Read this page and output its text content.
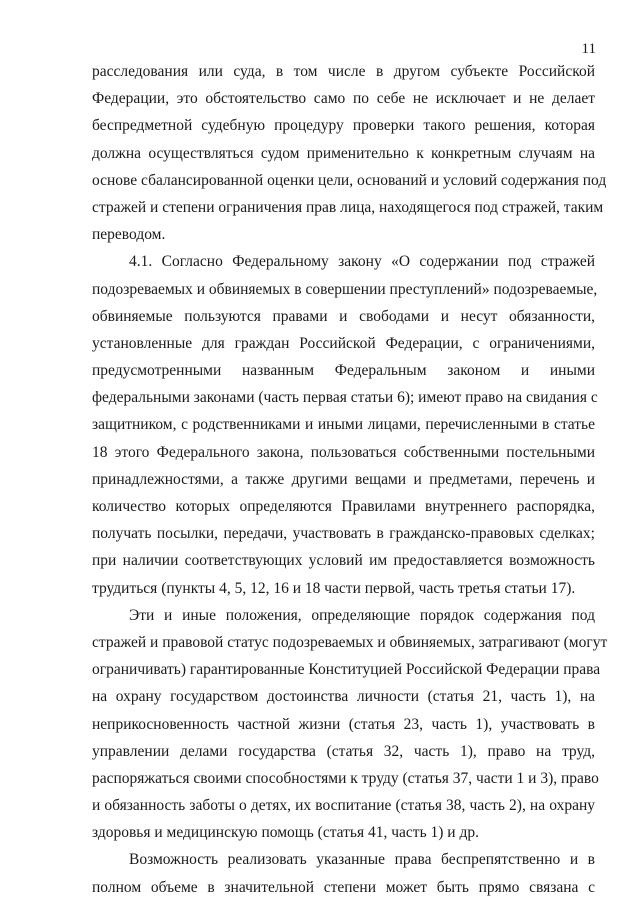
11
расследования или суда, в том числе в другом субъекте Российской
Федерации, это обстоятельство само по себе не исключает и не делает
беспредметной судебную процедуру проверки такого решения, которая
должна осуществляться судом применительно к конкретным случаям на
основе сбалансированной оценки цели, оснований и условий содержания под
стражей и степени ограничения прав лица, находящегося под стражей, таким
переводом.
4.1. Согласно Федеральному закону «О содержании под стражей
подозреваемых и обвиняемых в совершении преступлений» подозреваемые,
обвиняемые пользуются правами и свободами и несут обязанности,
установленные для граждан Российской Федерации, с ограничениями,
предусмотренными названным Федеральным законом и иными
федеральными законами (часть первая статьи 6); имеют право на свидания с
защитником, с родственниками и иными лицами, перечисленными в статье
18 этого Федерального закона, пользоваться собственными постельными
принадлежностями, а также другими вещами и предметами, перечень и
количество которых определяются Правилами внутреннего распорядка,
получать посылки, передачи, участвовать в гражданско-правовых сделках;
при наличии соответствующих условий им предоставляется возможность
трудиться (пункты 4, 5, 12, 16 и 18 части первой, часть третья статьи 17).
Эти и иные положения, определяющие порядок содержания под
стражей и правовой статус подозреваемых и обвиняемых, затрагивают (могут
ограничивать) гарантированные Конституцией Российской Федерации права
на охрану государством достоинства личности (статья 21, часть 1), на
неприкосновенность частной жизни (статья 23, часть 1), участвовать в
управлении делами государства (статья 32, часть 1), право на труд,
распоряжаться своими способностями к труду (статья 37, части 1 и 3), право
и обязанность заботы о детях, их воспитание (статья 38, часть 2), на охрану
здоровья и медицинскую помощь (статья 41, часть 1) и др.
Возможность реализовать указанные права беспрепятственно и в
полном объеме в значительной степени может быть прямо связана с
